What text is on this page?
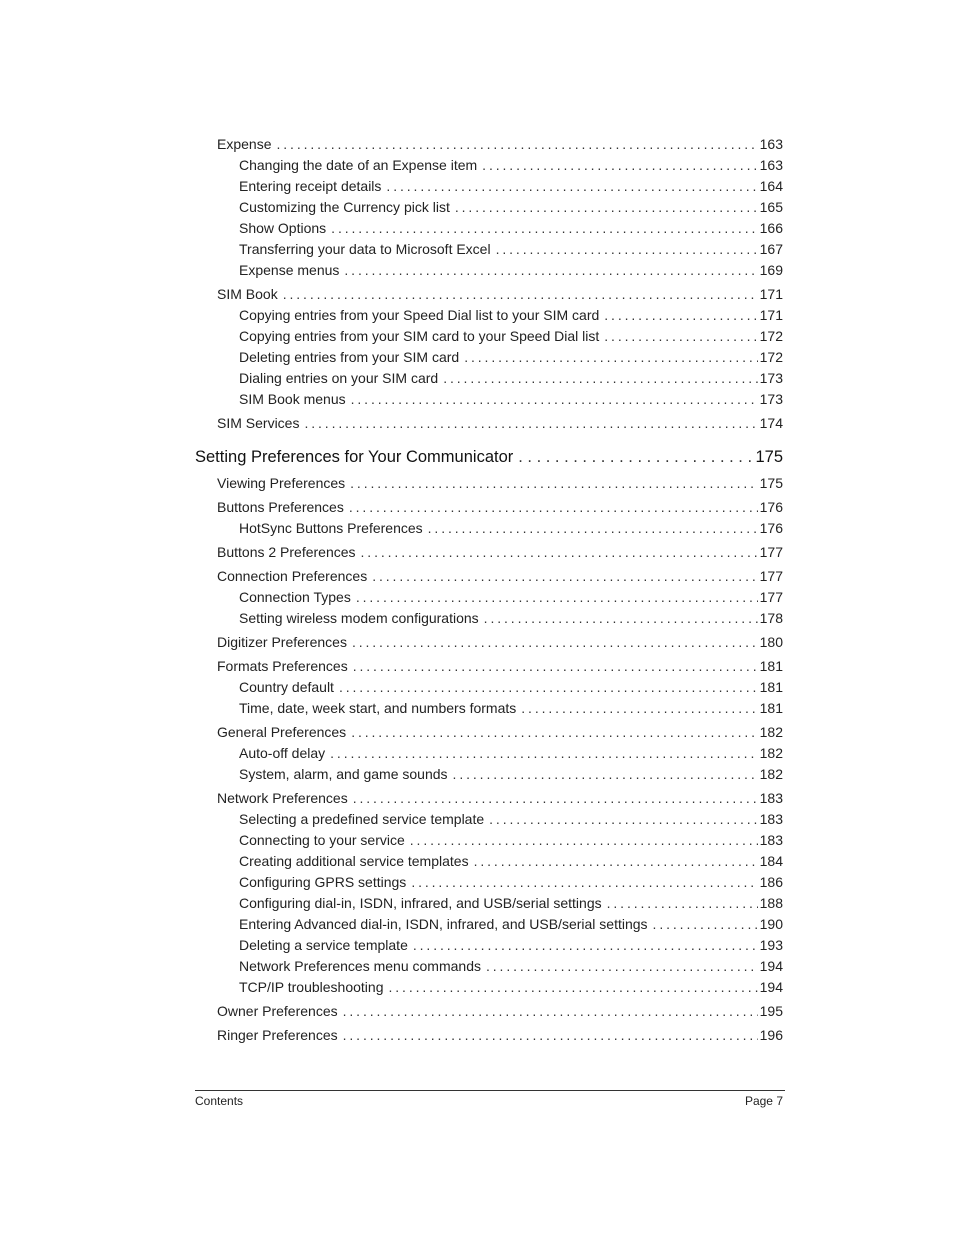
Expense . . .	163
Changing the date of an Expense item . . .	163
Entering receipt details . . .	164
Customizing the Currency pick list . . .	165
Show Options . . .	166
Transferring your data to Microsoft Excel . . .	167
Expense menus . . .	169
SIM Book . . .	171
Copying entries from your Speed Dial list to your SIM card . . .	171
Copying entries from your SIM card to your Speed Dial list . . .	172
Deleting entries from your SIM card . . .	172
Dialing entries on your SIM card . . .	173
SIM Book menus . . .	173
SIM Services . . .	174
Setting Preferences for Your Communicator . . .	175
Viewing Preferences . . .	175
Buttons Preferences . . .	176
HotSync Buttons Preferences . . .	176
Buttons 2 Preferences . . .	177
Connection Preferences . . .	177
Connection Types . . .	177
Setting wireless modem configurations . . .	178
Digitizer Preferences . . .	180
Formats Preferences . . .	181
Country default . . .	181
Time, date, week start, and numbers formats . . .	181
General Preferences . . .	182
Auto-off delay . . .	182
System, alarm, and game sounds . . .	182
Network Preferences . . .	183
Selecting a predefined service template . . .	183
Connecting to your service . . .	183
Creating additional service templates . . .	184
Configuring GPRS settings . . .	186
Configuring dial-in, ISDN, infrared, and USB/serial settings . . .	188
Entering Advanced dial-in, ISDN, infrared, and USB/serial settings . . .	190
Deleting a service template . . .	193
Network Preferences menu commands . . .	194
TCP/IP troubleshooting . . .	194
Owner Preferences . . .	195
Ringer Preferences . . .	196
Contents	Page 7
